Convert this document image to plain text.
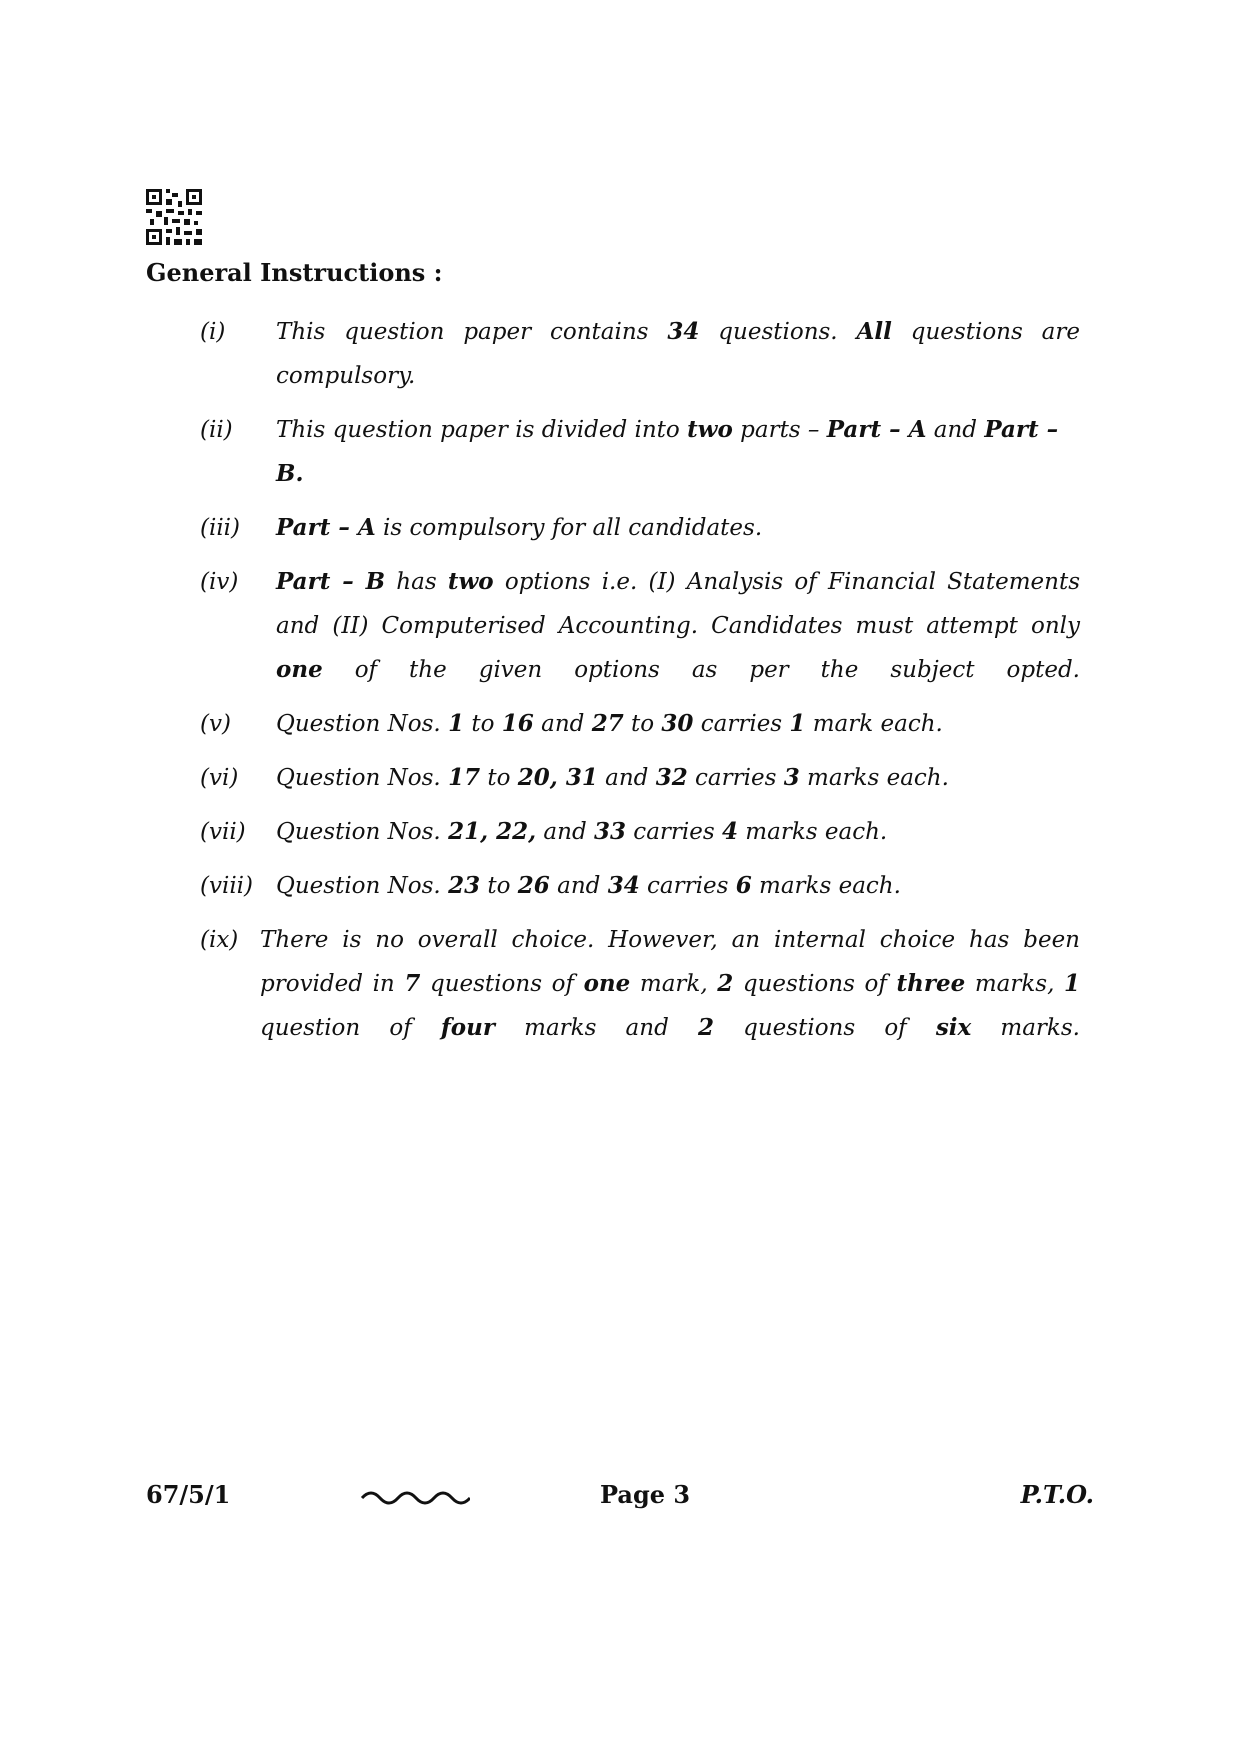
General Instructions :
(i)	This question paper contains 34 questions. All questions are compulsory.
(ii)	This question paper is divided into two parts – Part – A and Part – B.
(iii)	Part – A is compulsory for all candidates.
(iv)	Part – B has two options i.e. (I) Analysis of Financial Statements and (II) Computerised Accounting. Candidates must attempt only one of the given options as per the subject opted.
(v)	Question Nos. 1 to 16 and 27 to 30 carries 1 mark each.
(vi)	Question Nos. 17 to 20, 31 and 32 carries 3 marks each.
(vii)	Question Nos. 21, 22, and 33 carries 4 marks each.
(viii) Question Nos. 23 to 26 and 34 carries 6 marks each.
(ix) There is no overall choice. However, an internal choice has been provided in 7 questions of one mark, 2 questions of three marks, 1 question of four marks and 2 questions of six marks.
67/5/1	Page 3	P.T.O.
